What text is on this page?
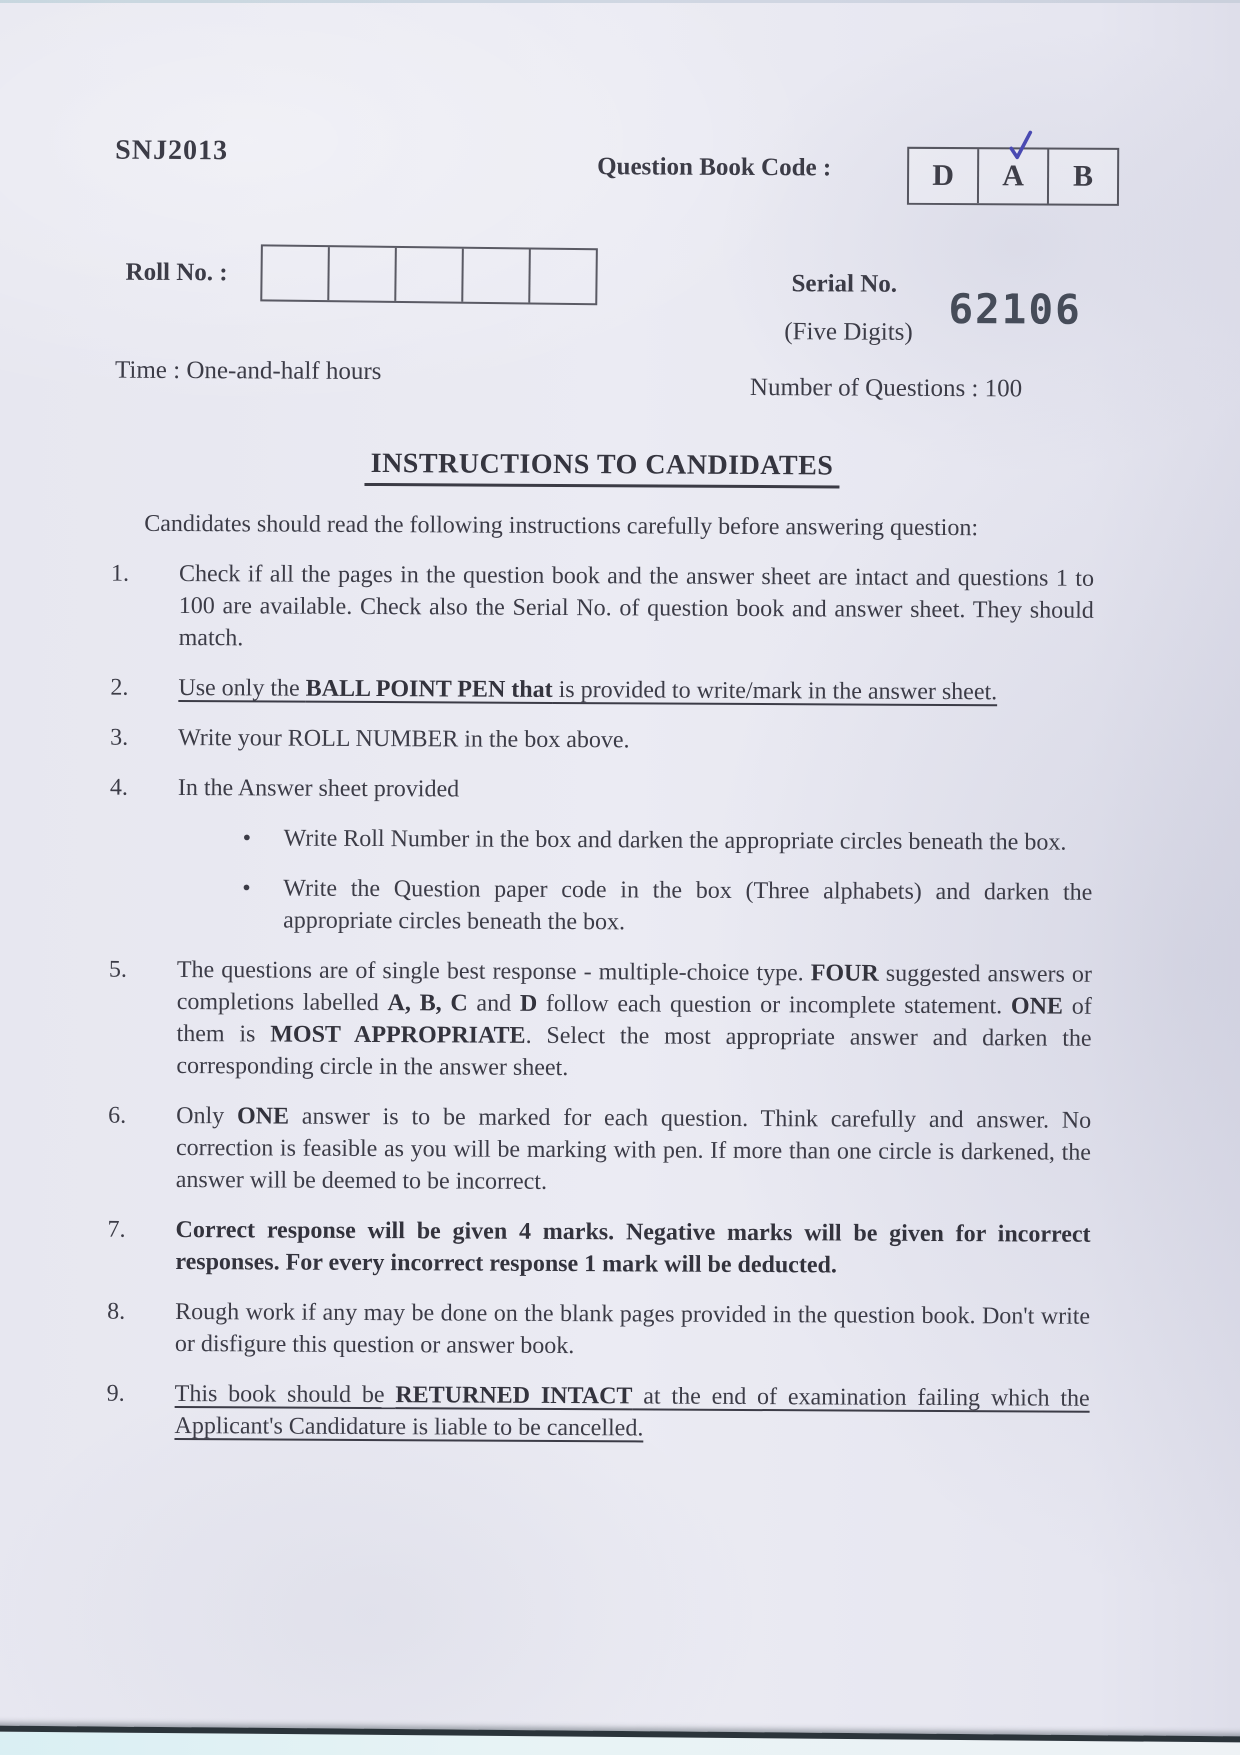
SNJ2013
Question Book Code :	D A B
Roll No. :	Serial No.
62106
(Five Digits)
Time : One-and-half hours
Number of Questions : 100
INSTRUCTIONS TO CANDIDATES
Candidates should read the following instructions carefully before answering question:
1.	Check if all the pages in the question book and the answer sheet are intact and questions 1 to 100 are available. Check also the Serial No. of question book and answer sheet. They should match.
2.	Use only the BALL POINT PEN that is provided to write/mark in the answer sheet.
3.	Write your ROLL NUMBER in the box above.
4.	In the Answer sheet provided
•	Write Roll Number in the box and darken the appropriate circles beneath the box.
•	Write the Question paper code in the box (Three alphabets) and darken the appropriate circles beneath the box.
5.	The questions are of single best response - multiple-choice type. FOUR suggested answers or completions labelled A, B, C and D follow each question or incomplete statement. ONE of them is MOST APPROPRIATE. Select the most appropriate answer and darken the corresponding circle in the answer sheet.
6.	Only ONE answer is to be marked for each question. Think carefully and answer. No correction is feasible as you will be marking with pen. If more than one circle is darkened, the answer will be deemed to be incorrect.
7.	Correct response will be given 4 marks. Negative marks will be given for incorrect responses. For every incorrect response 1 mark will be deducted.
8.	Rough work if any may be done on the blank pages provided in the question book. Don't write or disfigure this question or answer book.
9.	This book should be RETURNED INTACT at the end of examination failing which the Applicant's Candidature is liable to be cancelled.
